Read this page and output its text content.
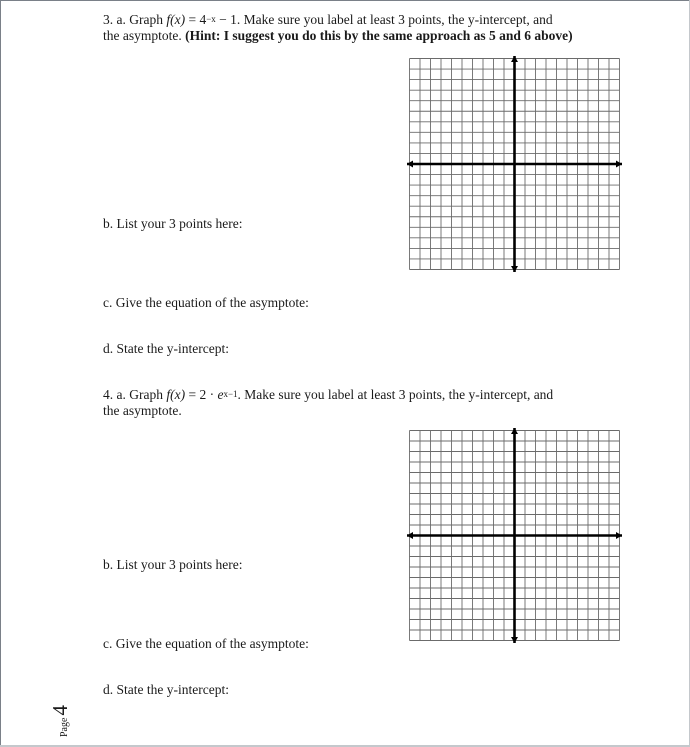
3. a. Graph $f(x) = 4^{-x} - 1$. Make sure you label at least 3 points, the y-intercept, and
the asymptote. (Hint: I suggest you do this by the same approach as 5 and 6 above)
b. List your 3 points here:
c. Give the equation of the asymptote:
d. State the y-intercept:
4. a. Graph $f(x) = 2 \cdot e^{x-1}$. Make sure you label at least 3 points, the y-intercept, and
the asymptote.
b. List your 3 points here:
c. Give the equation of the asymptote:
d. State the y-intercept:
Page4
